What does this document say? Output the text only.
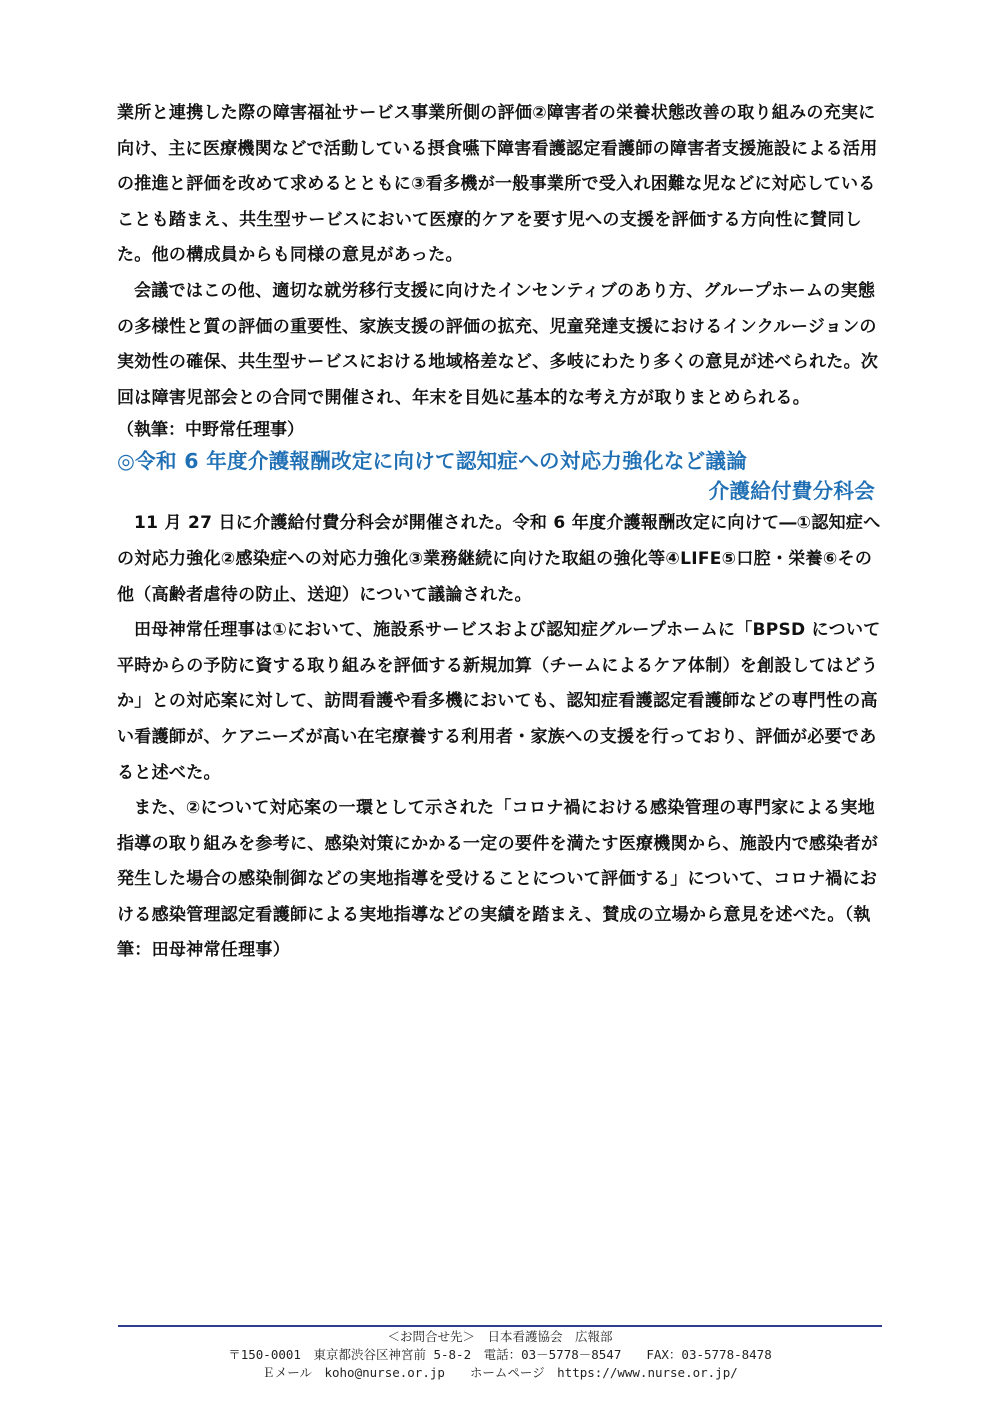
業所と連携した際の障害福祉サービス事業所側の評価②障害者の栄養状態改善の取り組みの充実に向け、主に医療機関などで活動している摂食嚥下障害看護認定看護師の障害者支援施設による活用の推進と評価を改めて求めるとともに③看多機が一般事業所で受入れ困難な児などに対応していることも踏まえ、共生型サービスにおいて医療的ケアを要す児への支援を評価する方向性に賛同した。他の構成員からも同様の意見があった。

会議ではこの他、適切な就労移行支援に向けたインセンティブのあり方、グループホームの実態の多様性と質の評価の重要性、家族支援の評価の拡充、児童発達支援におけるインクルージョンの実効性の確保、共生型サービスにおける地域格差など、多岐にわたり多くの意見が述べられた。次回は障害児部会との合同で開催され、年末を目処に基本的な考え方が取りまとめられる。

（執筆：中野常任理事）

◎令和 6 年度介護報酬改定に向けて認知症への対応力強化など議論
介護給付費分科会

11 月 27 日に介護給付費分科会が開催された。令和 6 年度介護報酬改定に向けて―①認知症への対応力強化②感染症への対応力強化③業務継続に向けた取組の強化等④LIFE⑤口腔・栄養⑥その他（高齢者虐待の防止、送迎）について議論された。

田母神常任理事は①において、施設系サービスおよび認知症グループホームに「BPSD について平時からの予防に資する取り組みを評価する新規加算（チームによるケア体制）を創設してはどうか」との対応案に対して、訪問看護や看多機においても、認知症看護認定看護師などの専門性の高い看護師が、ケアニーズが高い在宅療養する利用者・家族への支援を行っており、評価が必要であると述べた。

また、②について対応案の一環として示された「コロナ禍における感染管理の専門家による実地指導の取り組みを参考に、感染対策にかかる一定の要件を満たす医療機関から、施設内で感染者が発生した場合の感染制御などの実地指導を受けることについて評価する」について、コロナ禍における感染管理認定看護師による実地指導などの実績を踏まえ、賛成の立場から意見を述べた。（執筆：田母神常任理事）

＜お問合せ先＞　日本看護協会　広報部
〒150-0001　東京都渋谷区神宮前 5-8-2　電話：03－5778－8547　　FAX：03-5778-8478
Ｅメール　koho@nurse.or.jp　　ホームページ　https://www.nurse.or.jp/
